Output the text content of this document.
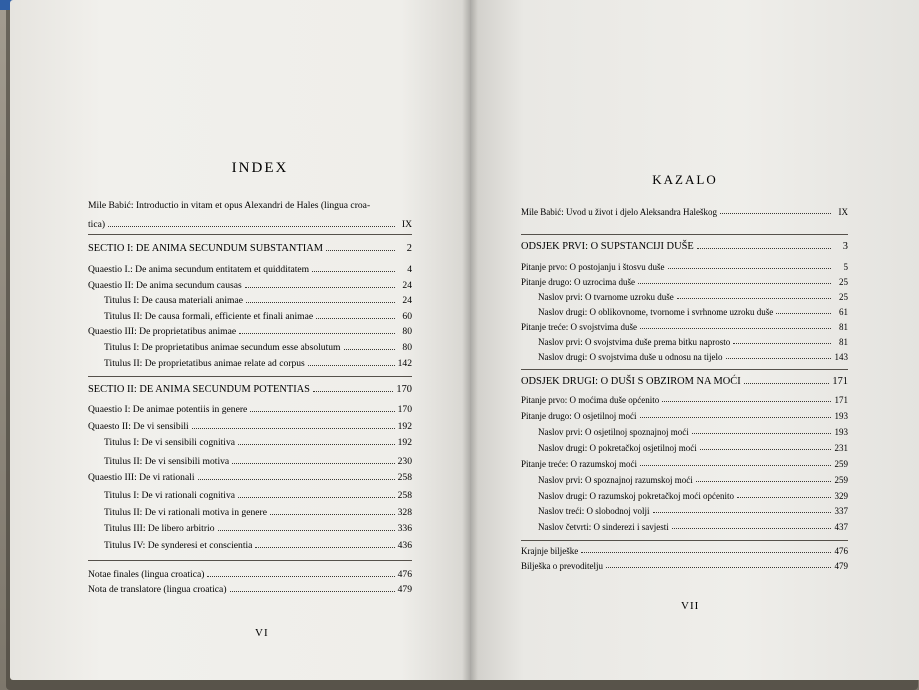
INDEX
Mile Babić: Introductio in vitam et opus Alexandri de Hales (lingua croa-
tica)	IX
SECTIO I: DE ANIMA SECUNDUM SUBSTANTIAM	2
Quaestio I.: De anima secundum entitatem et quidditatem	4
Quaestio II: De anima secundum causas	24
Titulus I: De causa materiali animae	24
Titulus II: De causa formali, efficiente et finali animae	60
Quaestio III: De proprietatibus animae	80
Titulus I: De proprietatibus animae secundum esse absolutum	80
Titulus II: De proprietatibus animae relate ad corpus	142
SECTIO II: DE ANIMA SECUNDUM POTENTIAS	170
Quaestio I: De animae potentiis in genere	170
Quaesto II: De vi sensibili	192
Titulus I: De vi sensibili cognitiva	192
Titulus II: De vi sensibili motiva	230
Quaestio III: De vi rationali	258
Titulus I: De vi rationali cognitiva	258
Titulus II: De vi rationali motiva in genere	328
Titulus III: De libero arbitrio	336
Titulus IV: De synderesi et conscientia	436
Notae finales (lingua croatica)	476
Nota de translatore (lingua croatica)	479
VI
KAZALO
Mile Babić: Uvod u život i djelo Aleksandra Haleškog	IX
ODSJEK PRVI: O SUPSTANCIJI DUŠE	3
Pitanje prvo: O postojanju i štosvu duše	5
Pitanje drugo: O uzrocima duše	25
Naslov prvi: O tvarnome uzroku duše	25
Naslov drugi: O oblikovnome, tvornome i svrhnome uzroku duše	61
Pitanje treće: O svojstvima duše	81
Naslov prvi: O svojstvima duše prema bitku naprosto	81
Naslov drugi: O svojstvima duše u odnosu na tijelo	143
ODSJEK DRUGI: O DUŠI S OBZIROM NA MOĆI	171
Pitanje prvo: O moćima duše općenito	171
Pitanje drugo: O osjetilnoj moći	193
Naslov prvi: O osjetilnoj spoznajnoj moći	193
Naslov drugi: O pokretačkoj osjetilnoj moći	231
Pitanje treće: O razumskoj moći	259
Naslov prvi: O spoznajnoj razumskoj moći	259
Naslov drugi: O razumskoj pokretačkoj moći općenito	329
Naslov treći: O slobodnoj volji	337
Naslov četvrti: O sinderezi i savjesti	437
Krajnje bilješke	476
Bilješka o prevoditelju	479
VII
